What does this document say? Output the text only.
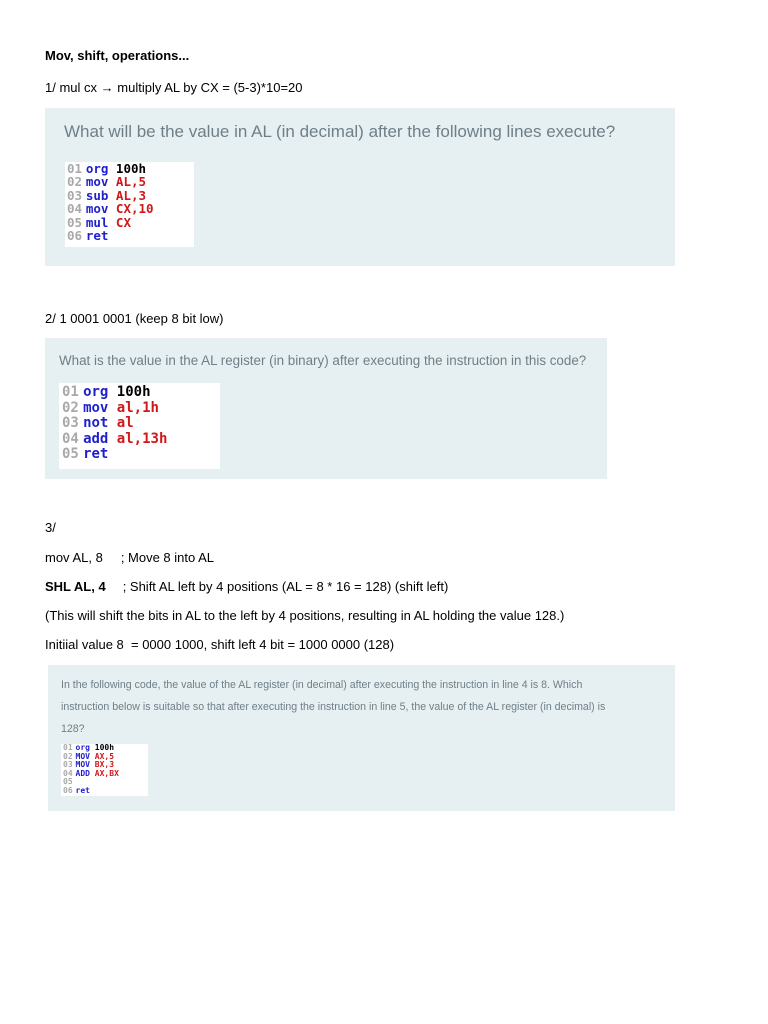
Mov, shift, operations...
1/ mul cx → multiply AL by CX = (5-3)*10=20
What will be the value in AL (in decimal) after the following lines execute?
01 org 100h
02 mov AL,5
03 sub AL,3
04 mov CX,10
05 mul CX
06 ret
2/ 1 0001 0001 (keep 8 bit low)
What is the value in the AL register (in binary) after executing the instruction in this code?
01 org 100h
02 mov al,1h
03 not al
04 add al,13h
05 ret
3/
mov AL, 8 ; Move 8 into AL
SHL AL, 4 ; Shift AL left by 4 positions (AL = 8 * 16 = 128) (shift left)
(This will shift the bits in AL to the left by 4 positions, resulting in AL holding the value 128.)
Initiial value 8  = 0000 1000, shift left 4 bit = 1000 0000 (128)
In the following code, the value of the AL register (in decimal) after executing the instruction in line 4 is 8. Which
instruction below is suitable so that after executing the instruction in line 5, the value of the AL register (in decimal) is
128?
01 org 100h
02 MOV AX,5
03 MOV BX,3
04 ADD AX,BX
05
06 ret
